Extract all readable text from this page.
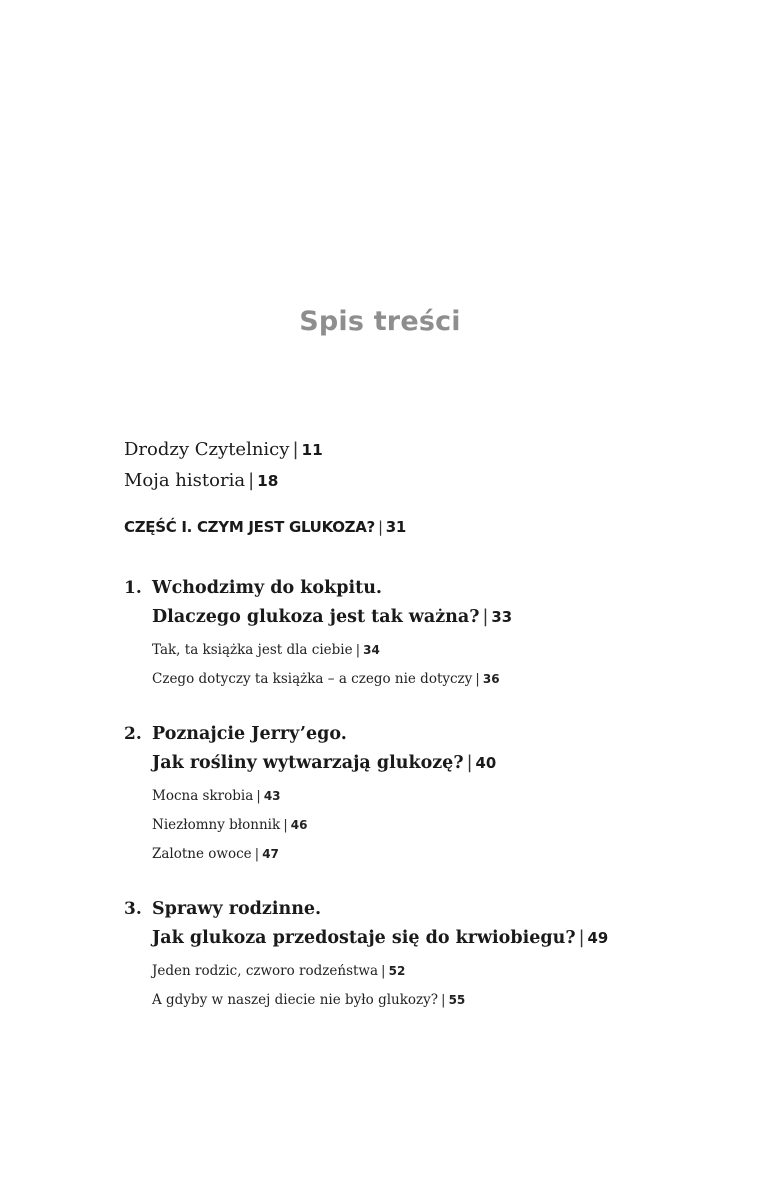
Spis treści
Drodzy Czytelnicy | 11
Moja historia | 18
CZĘŚĆ I. CZYM JEST GLUKOZA? | 31
1. Wchodzimy do kokpitu.
Dlaczego glukoza jest tak ważna? | 33
Tak, ta książka jest dla ciebie | 34
Czego dotyczy ta książka – a czego nie dotyczy | 36
2. Poznajcie Jerry’ego.
Jak rośliny wytwarzają glukozę? | 40
Mocna skrobia | 43
Niezłomny błonnik | 46
Zalotne owoce | 47
3. Sprawy rodzinne.
Jak glukoza przedostaje się do krwiobiegu? | 49
Jeden rodzic, czworo rodzeństwa | 52
A gdyby w naszej diecie nie było glukozy? | 55
